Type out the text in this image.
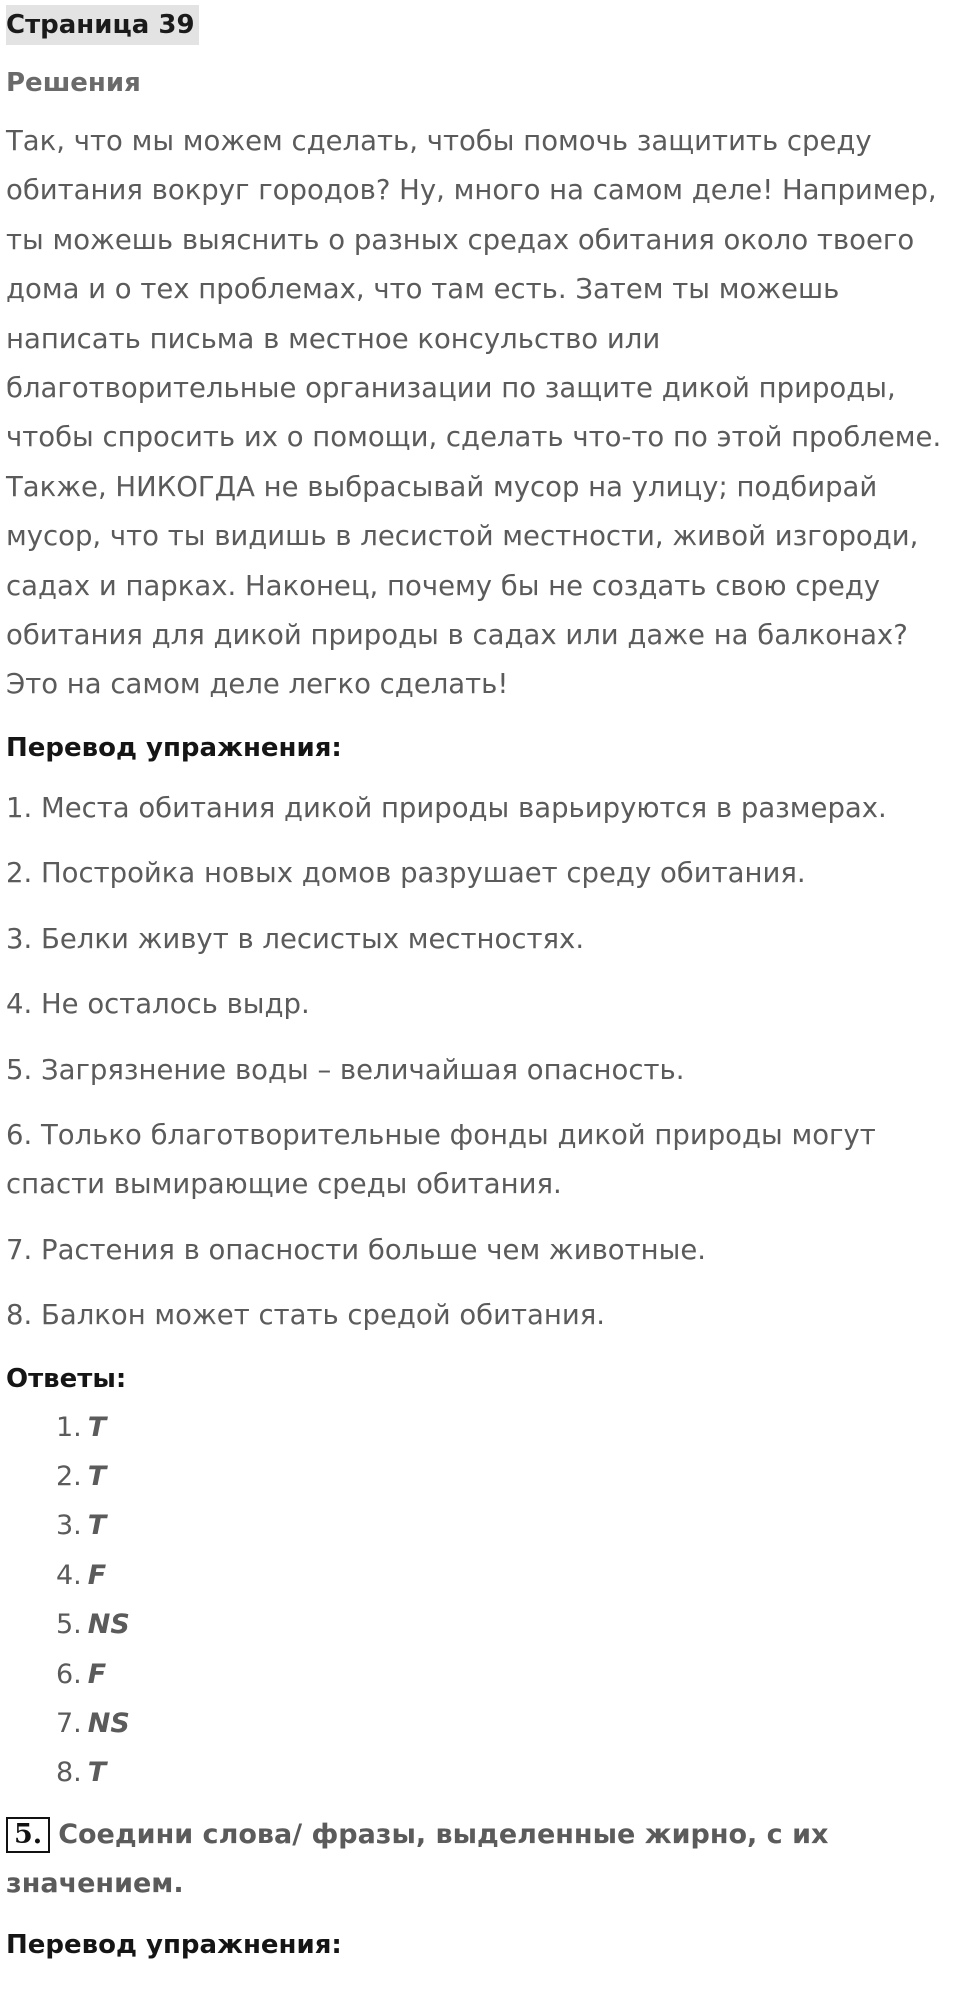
Страница 39
Решения

Так, что мы можем сделать, чтобы помочь защитить среду обитания вокруг городов? Ну, много на самом деле! Например, ты можешь выяснить о разных средах обитания около твоего дома и о тех проблемах, что там есть. Затем ты можешь написать письма в местное консульство или благотворительные организации по защите дикой природы, чтобы спросить их о помощи, сделать что-то по этой проблеме. Также, НИКОГДА не выбрасывай мусор на улицу; подбирай мусор, что ты видишь в лесистой местности, живой изгороди, садах и парках. Наконец, почему бы не создать свою среду обитания для дикой природы в садах или даже на балконах? Это на самом деле легко сделать!

Перевод упражнения:
1. Места обитания дикой природы варьируются в размерах.
2. Постройка новых домов разрушает среду обитания.
3. Белки живут в лесистых местностях.
4. Не осталось выдр.
5. Загрязнение воды – величайшая опасность.
6. Только благотворительные фонды дикой природы могут спасти вымирающие среды обитания.
7. Растения в опасности больше чем животные.
8. Балкон может стать средой обитания.
Ответы:
1. T
2. T
3. T
4. F
5. NS
6. F
7. NS
8. T
5. Соедини слова/ фразы, выделенные жирно, с их значением.
Перевод упражнения:
